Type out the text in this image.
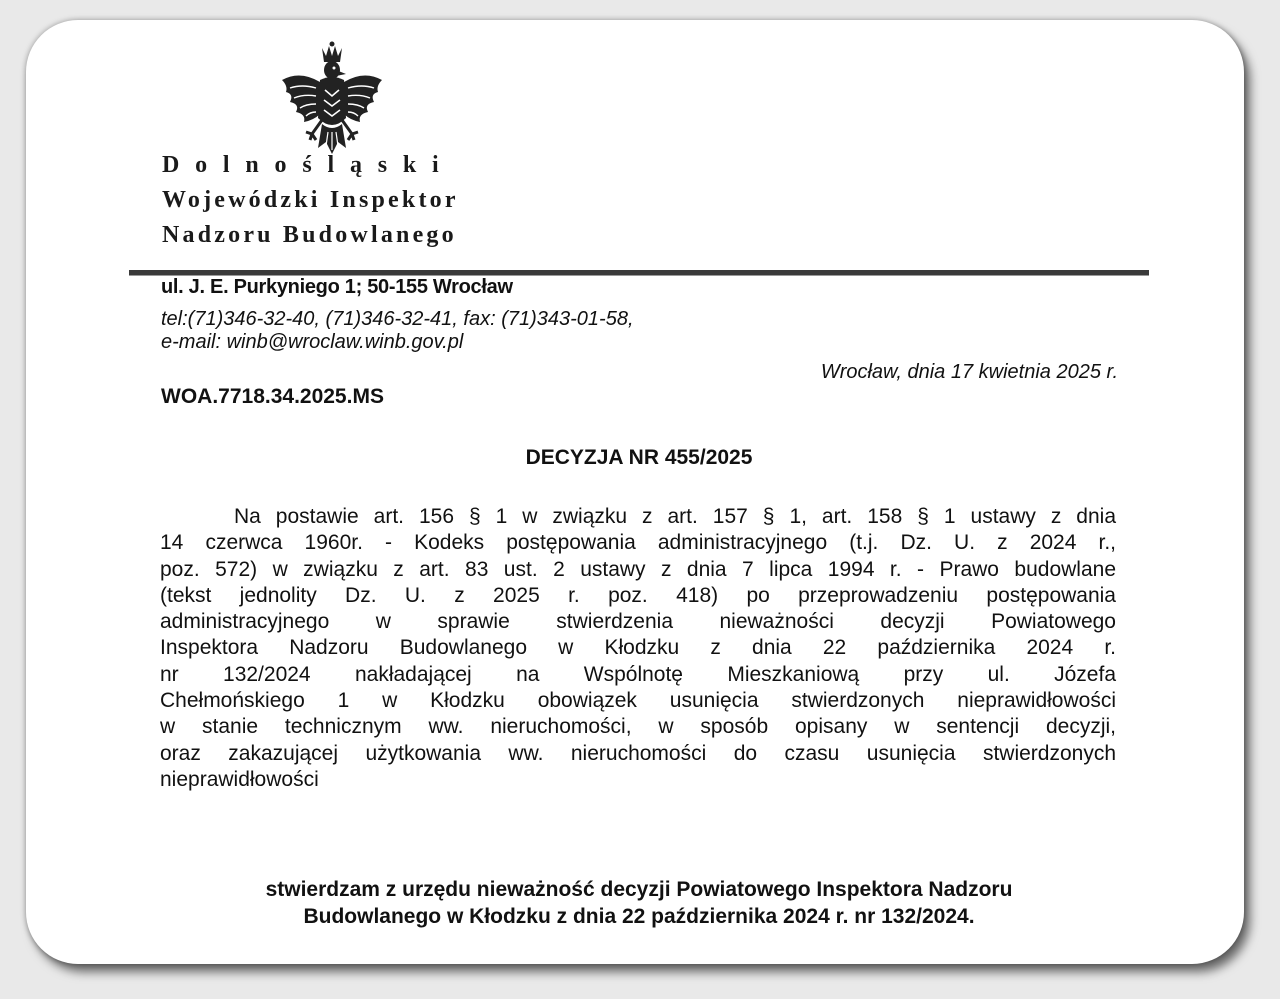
Dolnośląski
Wojewódzki Inspektor
Nadzoru Budowlanego
ul. J. E. Purkyniego 1; 50-155 Wrocław
tel:(71)346-32-40, (71)346-32-41, fax: (71)343-01-58,
e-mail: winb@wroclaw.winb.gov.pl
Wrocław, dnia 17 kwietnia 2025 r.
WOA.7718.34.2025.MS
DECYZJA NR 455/2025
Na postawie art. 156 § 1 w związku z art. 157 § 1, art. 158 § 1 ustawy z dnia
14 czerwca 1960r. - Kodeks postępowania administracyjnego (t.j. Dz. U. z 2024 r.,
poz. 572) w związku z art. 83 ust. 2 ustawy z dnia 7 lipca 1994 r. - Prawo budowlane
(tekst jednolity Dz. U. z 2025 r. poz. 418) po przeprowadzeniu postępowania
administracyjnego w sprawie stwierdzenia nieważności decyzji Powiatowego
Inspektora Nadzoru Budowlanego w Kłodzku z dnia 22 października 2024 r.
nr 132/2024 nakładającej na Wspólnotę Mieszkaniową przy ul. Józefa
Chełmońskiego 1 w Kłodzku obowiązek usunięcia stwierdzonych nieprawidłowości
w stanie technicznym ww. nieruchomości, w sposób opisany w sentencji decyzji,
oraz zakazującej użytkowania ww. nieruchomości do czasu usunięcia stwierdzonych
nieprawidłowości
stwierdzam z urzędu nieważność decyzji Powiatowego Inspektora Nadzoru
Budowlanego w Kłodzku z dnia 22 października 2024 r. nr 132/2024.
